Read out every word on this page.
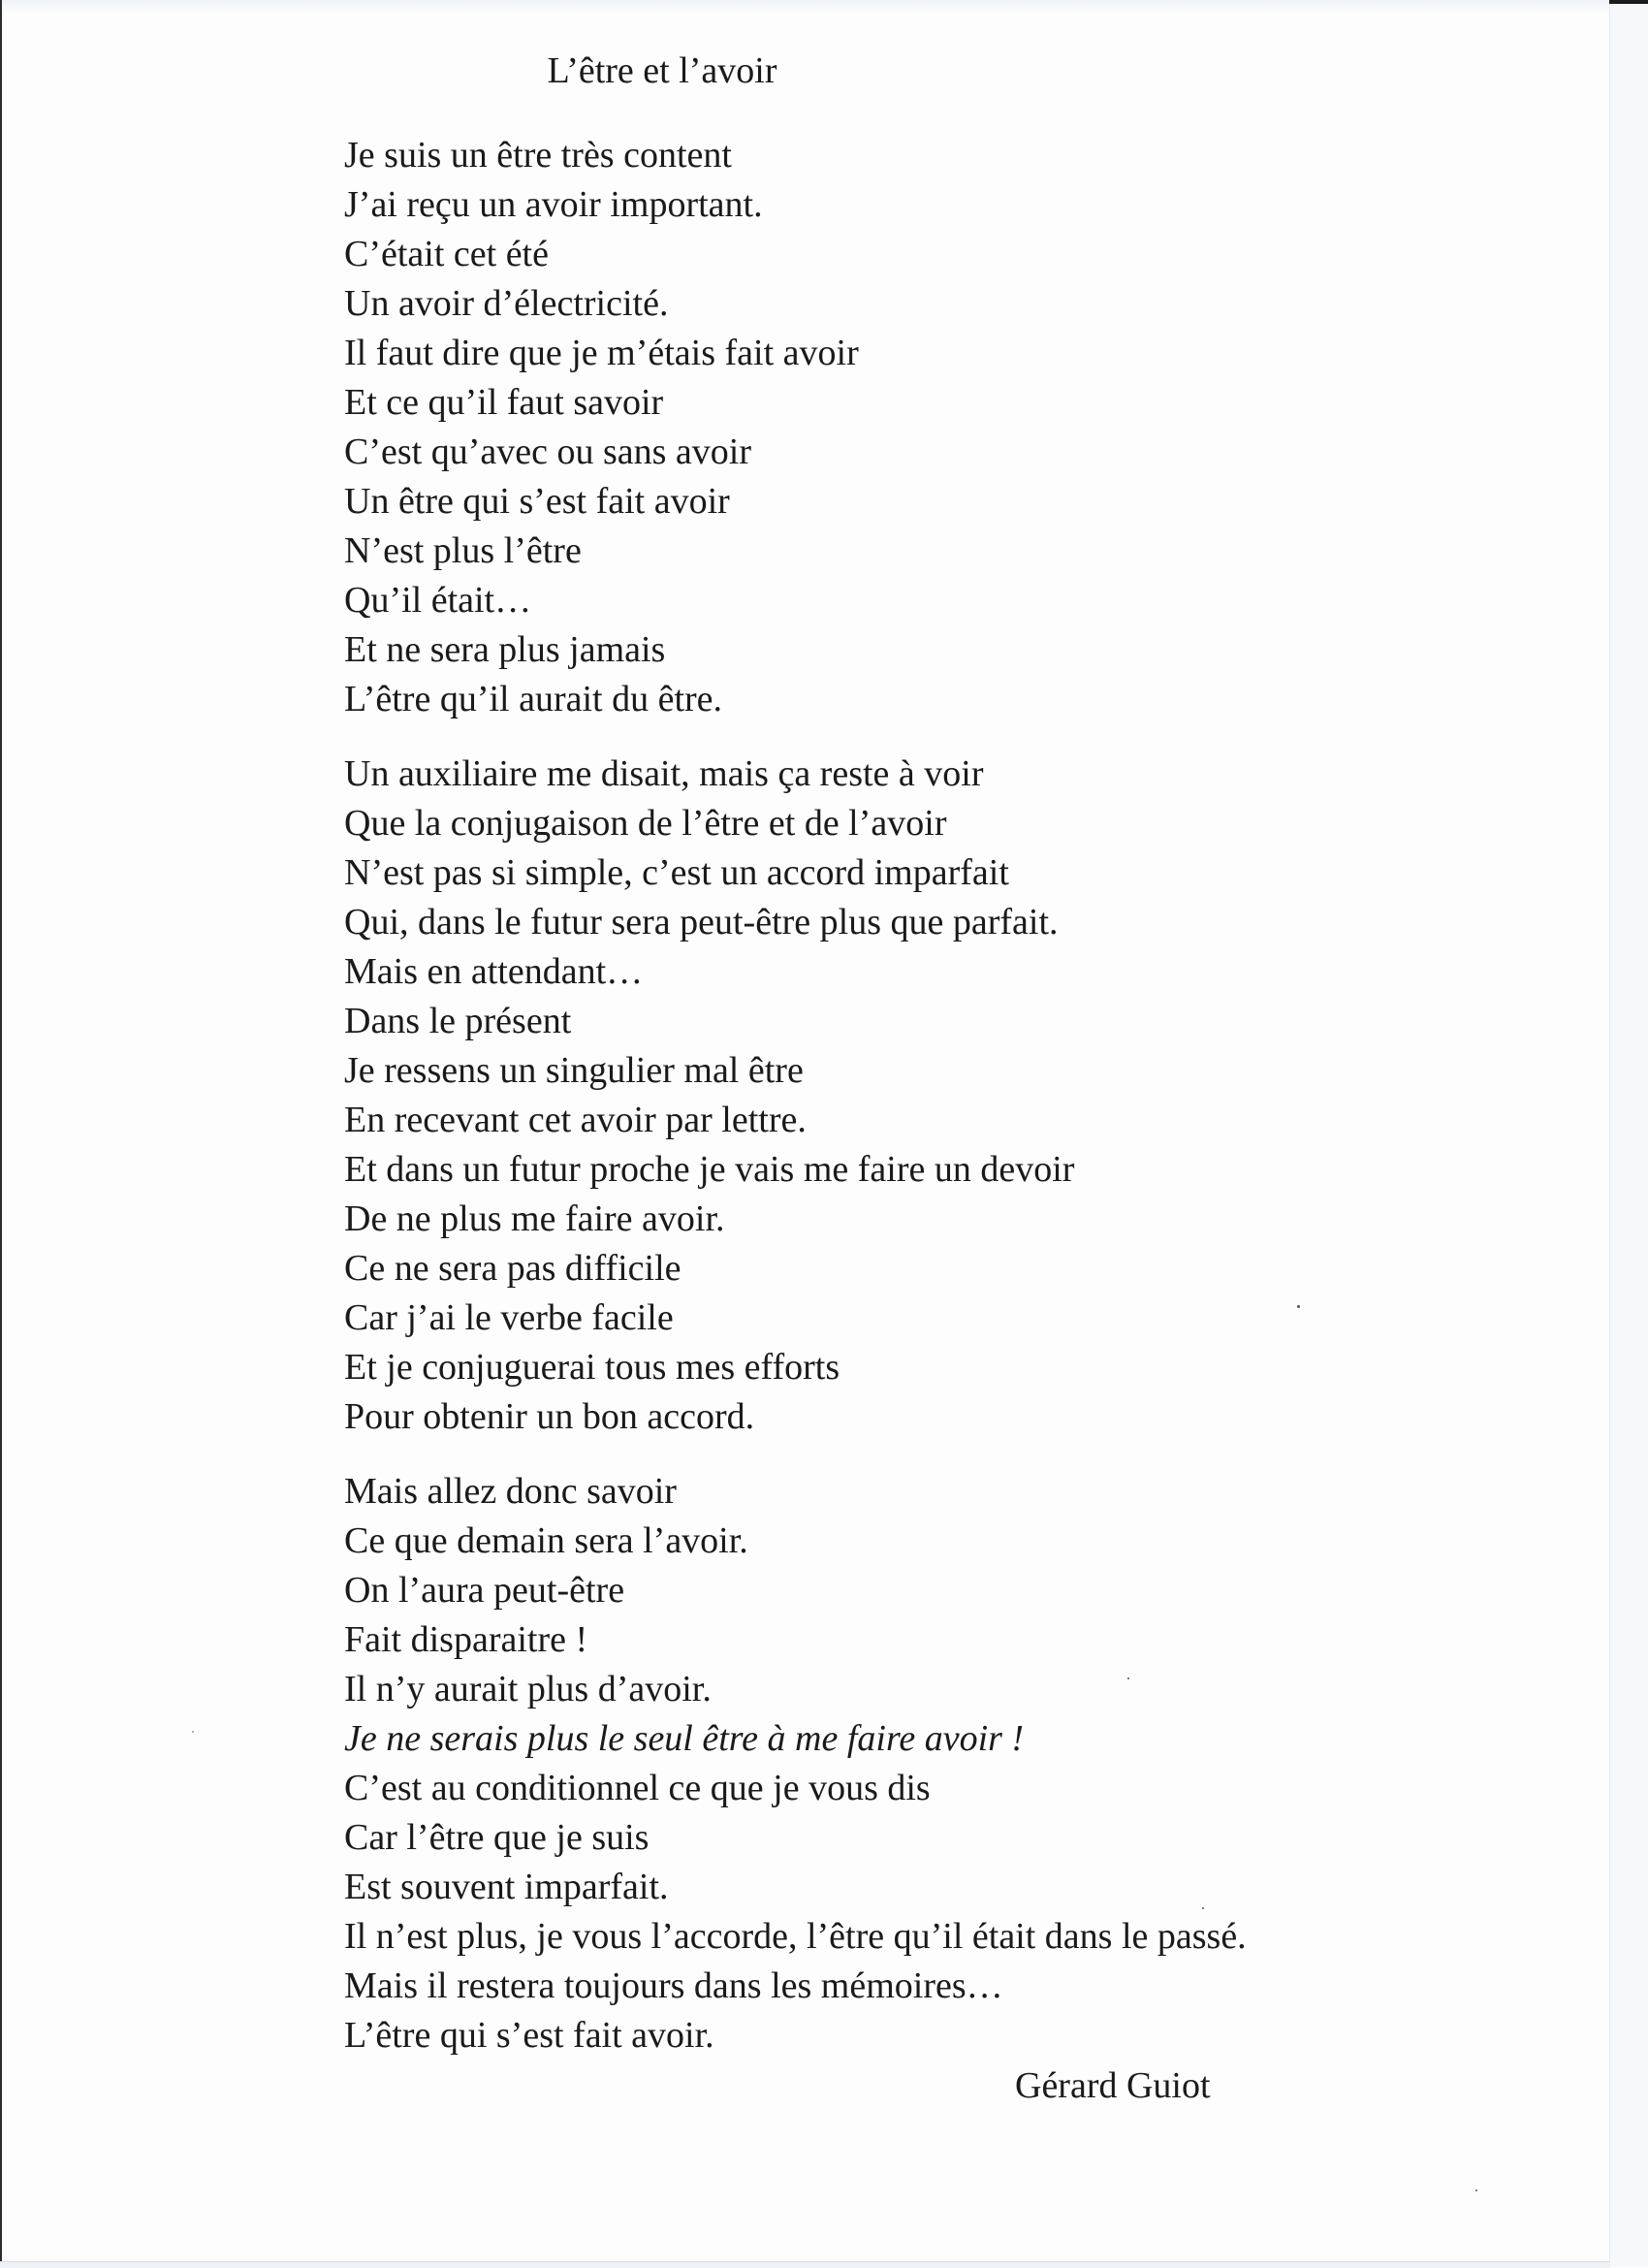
L’être et l’avoir
Je suis un être très content
J’ai reçu un avoir important.
C’était cet été
Un avoir d’électricité.
Il faut dire que je m’étais fait avoir
Et ce qu’il faut savoir
C’est qu’avec ou sans avoir
Un être qui s’est fait avoir
N’est plus l’être
Qu’il était…
Et ne sera plus jamais
L’être qu’il aurait du être.
Un auxiliaire me disait, mais ça reste à voir
Que la conjugaison de l’être et de l’avoir
N’est pas si simple, c’est un accord imparfait
Qui, dans le futur sera peut-être plus que parfait.
Mais en attendant…
Dans le présent
Je ressens un singulier mal être
En recevant cet avoir par lettre.
Et dans un futur proche je vais me faire un devoir
De ne plus me faire avoir.
Ce ne sera pas difficile
Car j’ai le verbe facile
Et je conjuguerai tous mes efforts
Pour obtenir un bon accord.
Mais allez donc savoir
Ce que demain sera l’avoir.
On l’aura peut-être
Fait disparaitre !
Il n’y aurait plus d’avoir.
Je ne serais plus le seul être à me faire avoir !
C’est au conditionnel ce que je vous dis
Car l’être que je suis
Est souvent imparfait.
Il n’est plus, je vous l’accorde, l’être qu’il était dans le passé.
Mais il restera toujours dans les mémoires…
L’être qui s’est fait avoir.
Gérard Guiot
